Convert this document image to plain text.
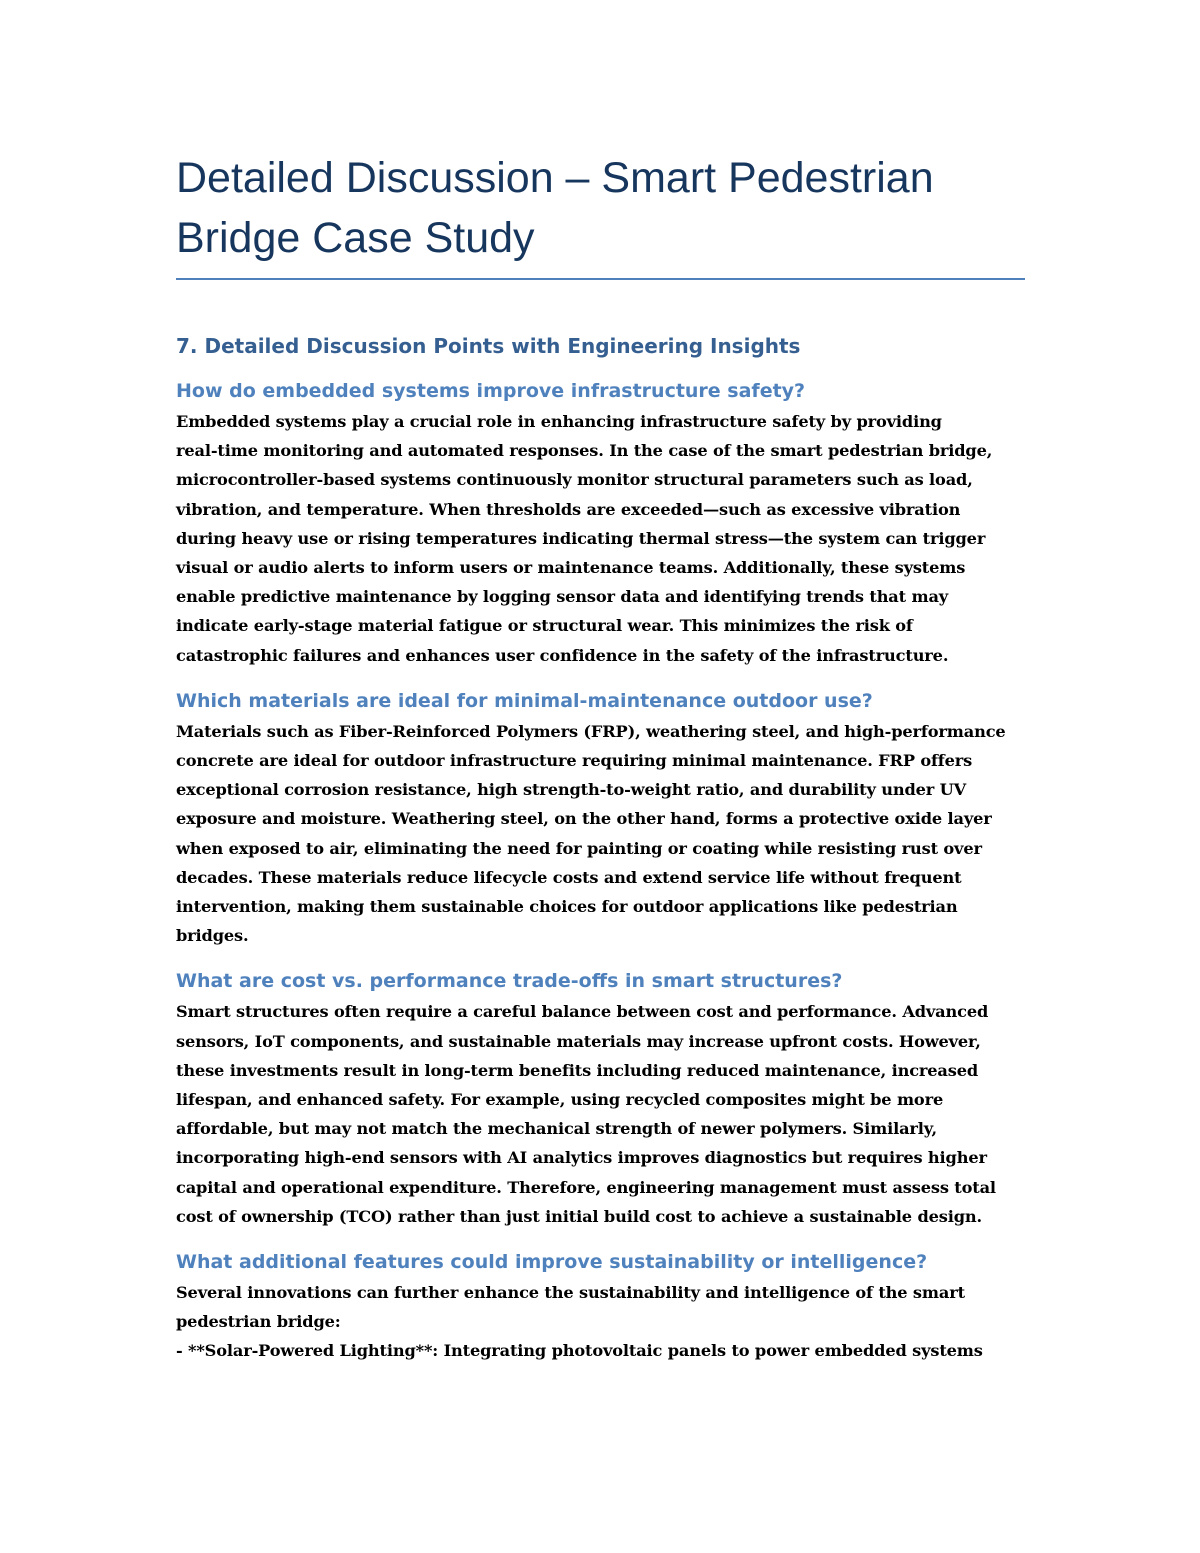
Detailed Discussion – Smart Pedestrian
Bridge Case Study
7. Detailed Discussion Points with Engineering Insights
How do embedded systems improve infrastructure safety?

Embedded systems play a crucial role in enhancing infrastructure safety by providing
real-time monitoring and automated responses. In the case of the smart pedestrian bridge,
microcontroller-based systems continuously monitor structural parameters such as load,
vibration, and temperature. When thresholds are exceeded—such as excessive vibration
during heavy use or rising temperatures indicating thermal stress—the system can trigger
visual or audio alerts to inform users or maintenance teams. Additionally, these systems
enable predictive maintenance by logging sensor data and identifying trends that may
indicate early-stage material fatigue or structural wear. This minimizes the risk of
catastrophic failures and enhances user confidence in the safety of the infrastructure.

Which materials are ideal for minimal-maintenance outdoor use?

Materials such as Fiber-Reinforced Polymers (FRP), weathering steel, and high-performance
concrete are ideal for outdoor infrastructure requiring minimal maintenance. FRP offers
exceptional corrosion resistance, high strength-to-weight ratio, and durability under UV
exposure and moisture. Weathering steel, on the other hand, forms a protective oxide layer
when exposed to air, eliminating the need for painting or coating while resisting rust over
decades. These materials reduce lifecycle costs and extend service life without frequent
intervention, making them sustainable choices for outdoor applications like pedestrian
bridges.

What are cost vs. performance trade-offs in smart structures?

Smart structures often require a careful balance between cost and performance. Advanced
sensors, IoT components, and sustainable materials may increase upfront costs. However,
these investments result in long-term benefits including reduced maintenance, increased
lifespan, and enhanced safety. For example, using recycled composites might be more
affordable, but may not match the mechanical strength of newer polymers. Similarly,
incorporating high-end sensors with AI analytics improves diagnostics but requires higher
capital and operational expenditure. Therefore, engineering management must assess total
cost of ownership (TCO) rather than just initial build cost to achieve a sustainable design.

What additional features could improve sustainability or intelligence?

Several innovations can further enhance the sustainability and intelligence of the smart
pedestrian bridge:
- **Solar-Powered Lighting**: Integrating photovoltaic panels to power embedded systems
